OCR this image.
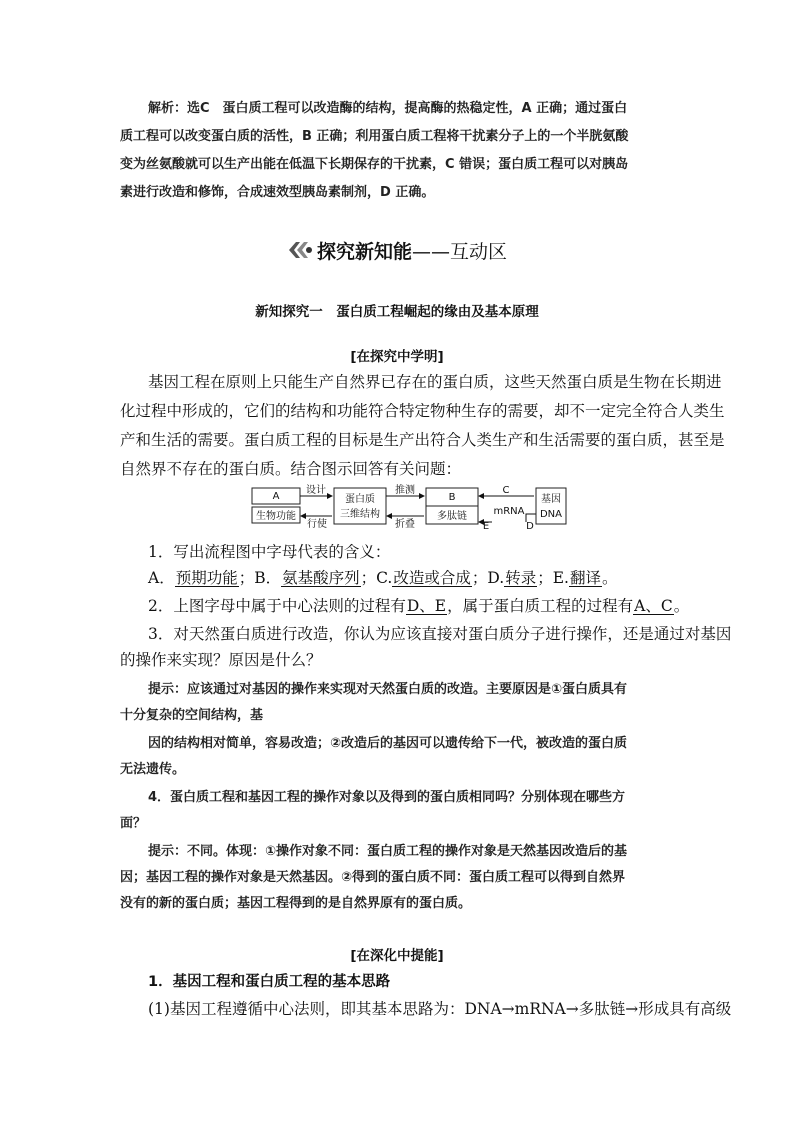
解析：选C　蛋白质工程可以改造酶的结构，提高酶的热稳定性，A 正确；通过蛋白
质工程可以改变蛋白质的活性，B 正确；利用蛋白质工程将干扰素分子上的一个半胱氨酸
变为丝氨酸就可以生产出能在低温下长期保存的干扰素，C 错误；蛋白质工程可以对胰岛
素进行改造和修饰，合成速效型胰岛素制剂，D 正确。
探究新知能 ——互动区
新知探究一　蛋白质工程崛起的缘由及基本原理
[在探究中学明]
基因工程在原则上只能生产自然界已存在的蛋白质，这些天然蛋白质是生物在长期进
化过程中形成的，它们的结构和功能符合特定物种生存的需要，却不一定完全符合人类生
产和生活的需要。蛋白质工程的目标是生产出符合人类生产和生活需要的蛋白质，甚至是
自然界不存在的蛋白质。结合图示回答有关问题：
A
生物功能
设计
行使
蛋白质
三维结构
推测
折叠
B
多肽链
C
mRNA
D
E
基因
DNA
1．写出流程图中字母代表的含义：
A．预期功能；B．氨基酸序列；C.改造或合成；D.转录；E.翻译。
2．上图字母中属于中心法则的过程有D、E，属于蛋白质工程的过程有A、C。
3．对天然蛋白质进行改造，你认为应该直接对蛋白质分子进行操作，还是通过对基因
的操作来实现？原因是什么？
提示：应该通过对基因的操作来实现对天然蛋白质的改造。主要原因是①蛋白质具有
十分复杂的空间结构，基
因的结构相对简单，容易改造；②改造后的基因可以遗传给下一代，被改造的蛋白质
无法遗传。
4．蛋白质工程和基因工程的操作对象以及得到的蛋白质相同吗？分别体现在哪些方
面？
提示：不同。体现：①操作对象不同：蛋白质工程的操作对象是天然基因改造后的基
因；基因工程的操作对象是天然基因。②得到的蛋白质不同：蛋白质工程可以得到自然界
没有的新的蛋白质；基因工程得到的是自然界原有的蛋白质。
[在深化中提能]
1．基因工程和蛋白质工程的基本思路
(1)基因工程遵循中心法则，即其基本思路为：DNA→mRNA→多肽链→形成具有高级
